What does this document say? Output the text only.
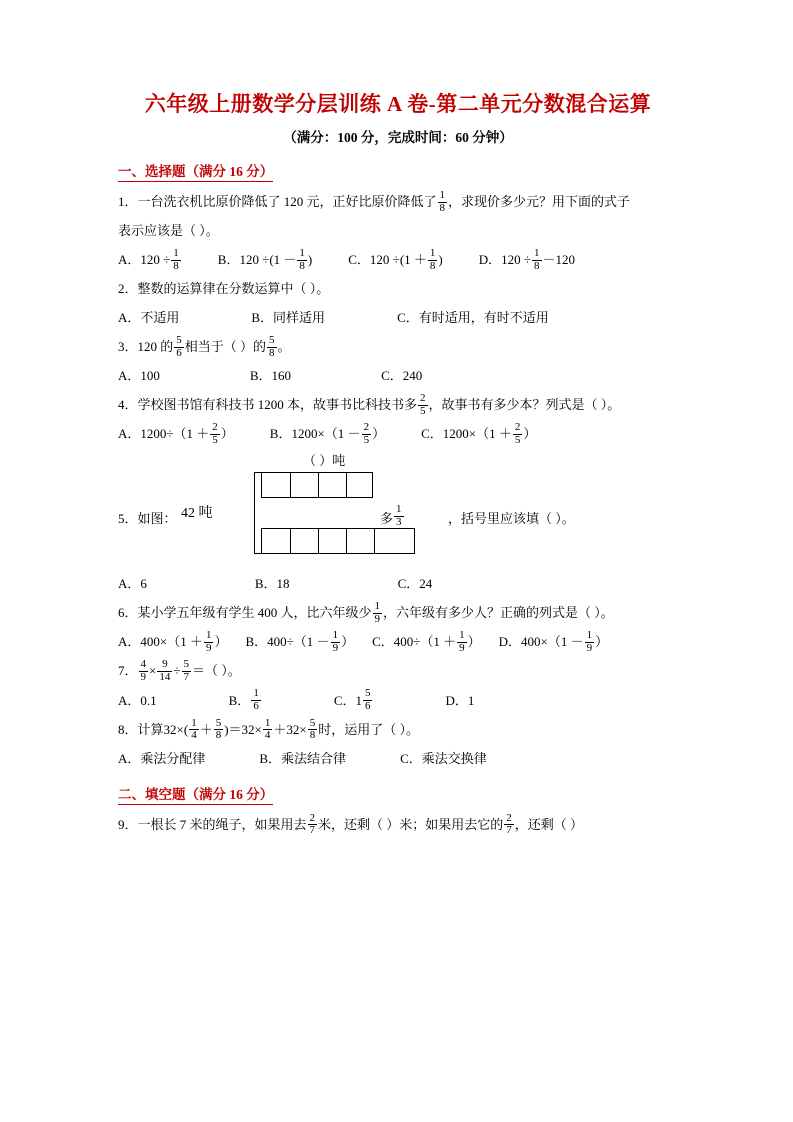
六年级上册数学分层训练 A 卷-第二单元分数混合运算
（满分：100 分，完成时间：60 分钟）
一、选择题（满分 16 分）
1．一台洗衣机比原价降低了 120 元，正好比原价降低了 $\frac{1}{8}$ ，求现价多少元？用下面的式子
表示应该是（ ）。
A．$120 \div \frac{1}{8}$	B．$120 \div(1 - \frac{1}{8}$ )	C．$120 \div(1 + \frac{1}{8}$ )	D．$120 \div \frac{1}{8} -120$
2．整数的运算律在分数运算中（ ）。
A．不适用	B．同样适用	C．有时适用，有时不适用
3．120 的 $\frac{5}{6}$ 相当于（ ）的 $\frac{5}{8}$ 。
A．100	B．160	C．240
4．学校图书馆有科技书 1200 本，故事书比科技书多 $\frac{2}{5}$ ，故事书有多少本？列式是（ ）。
A．$1200\div(1 + \frac{2}{5}$ ）	B．$1200\times(1 - \frac{2}{5}$ ）	C．$1200\times(1 + \frac{2}{5}$ ）
（ ）吨
5．如图： 42 吨	多 $\frac{1}{3}$	，括号里应该填（ ）。
A．6	B．18	C．24
6．某小学五年级有学生 400 人，比六年级少 $\frac{1}{9}$ ，六年级有多少人？正确的列式是（ ）。
A．$400\times(1 + \frac{1}{9}$ ） B．$400\div(1 - \frac{1}{9}$ ） C．$400\div(1 + \frac{1}{9}$ ） D．$400\times(1 - \frac{1}{9}$ ）
7． $\frac{4}{9} \times \frac{9}{14} \div \frac{5}{7}$ ＝（ ）。
A．0.1	B． $\frac{1}{6}$	C．$1 \frac{5}{6}$	D．1
8．计算$32\times( \frac{1}{4} + \frac{5}{8} )=32\times \frac{1}{4} +32\times \frac{5}{8}$ 时，运用了（ ）。
A．乘法分配律	B．乘法结合律	C．乘法交换律
二、填空题（满分 16 分）
9．一根长 7 米的绳子，如果用去 $\frac{2}{7}$ 米，还剩（ ）米；如果用去它的 $\frac{2}{7}$ ，还剩（ ）
